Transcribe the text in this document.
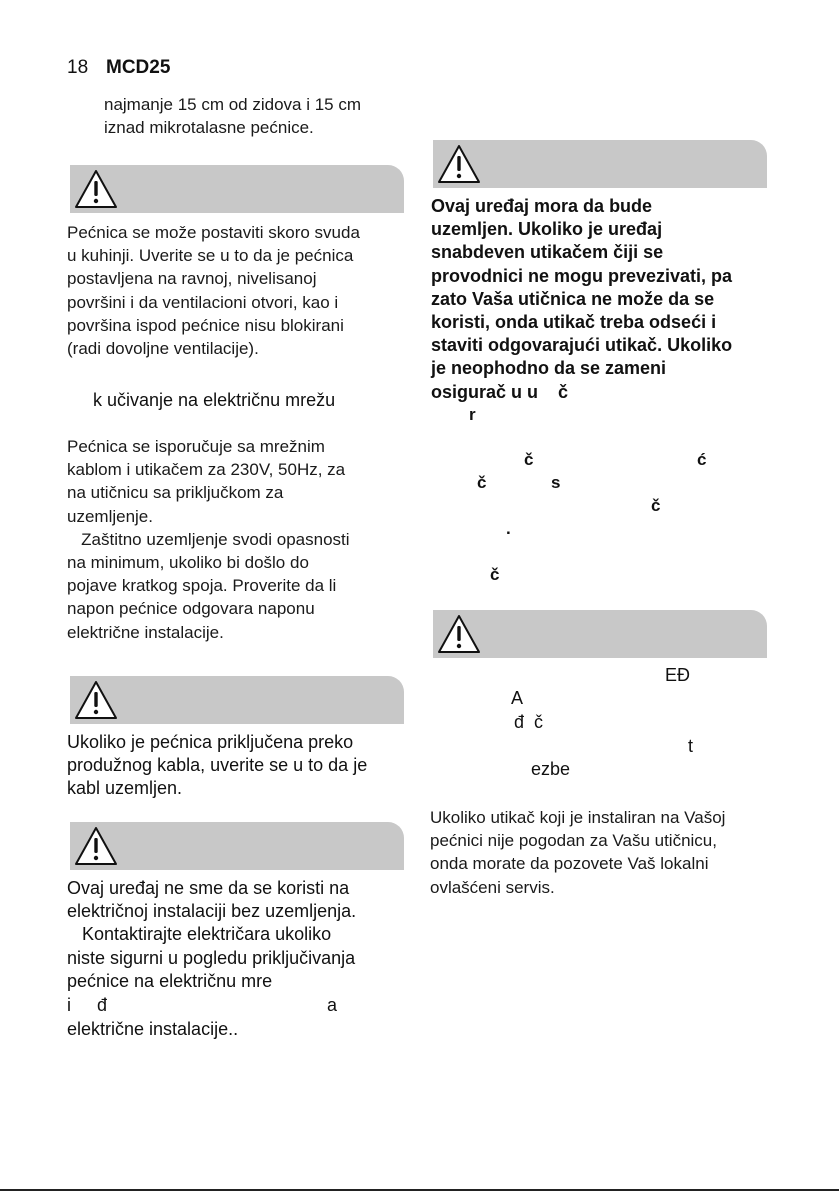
18 MCD25
najmanje 15 cm od zidova i 15 cm
iznad mikrotalasne pećnice.
Pećnica se može postaviti skoro svuda
u kuhinji. Uverite se u to da je pećnica
postavljena na ravnoj, nivelisanoj
površini i da ventilacioni otvori, kao i
površina ispod pećnice nisu blokirani
(radi dovoljne ventilacije).
k učivanje na električnu mrežu
Pećnica se isporučuje sa mrežnim
kablom i utikačem za 230V, 50Hz, za
na utičnicu sa priključkom za
uzemljenje.
Zaštitno uzemljenje svodi opasnosti
na minimum, ukoliko bi došlo do
pojave kratkog spoja. Proverite da li
napon pećnice odgovara naponu
električne instalacije.
Ukoliko je pećnica priključena preko
produžnog kabla, uverite se u to da je
kabl uzemljen.
Ovaj uređaj ne sme da se koristi na
električnoj instalaciji bez uzemljenja.
Kontaktirajte električara ukoliko
niste sigurni u pogledu priključivanja
pećnice na električnu mre
i đ	a
električne instalacije..
Ovaj uređaj mora da bude
uzemljen. Ukoliko je uređaj
snabdeven utikačem čiji se
provodnici ne mogu prevezivati, pa
zato Vaša utičnica ne može da se
koristi, onda utikač treba odseći i
staviti odgovarajući utikač. Ukoliko
je neophodno da se zameni
osigurač u u    č
r
č	ć
č	s
č
.
č
EĐ
A
đ  č
t
ezbe
Ukoliko utikač koji je instaliran na Vašoj
pećnici nije pogodan za Vašu utičnicu,
onda morate da pozovete Vaš lokalni
ovlašćeni servis.
